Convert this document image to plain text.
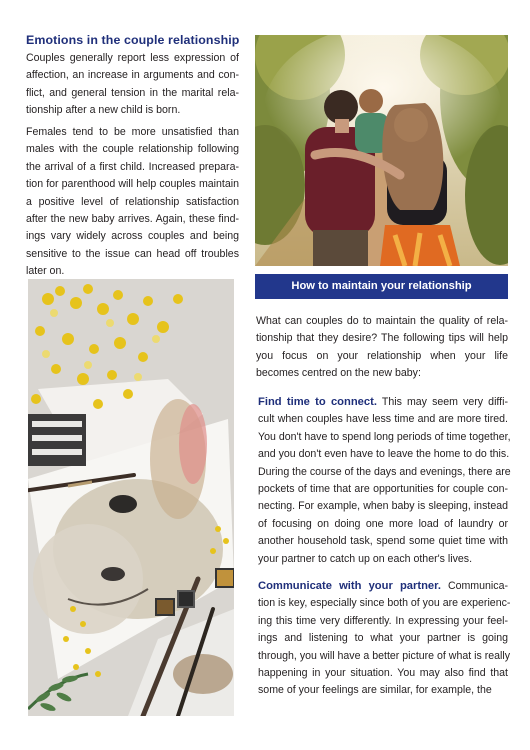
Emotions in the couple relationship
Couples generally report less expression of
affection, an increase in arguments and con-
flict, and general tension in the marital rela-
tionship after a new child is born.
Females tend to be more unsatisfied than
males with the couple relationship following
the arrival of a first child. Increased prepara-
tion for parenthood will help couples maintain
a positive level of relationship satisfaction
after the new baby arrives. Again, these find-
ings vary widely across couples and being
sensitive to the issue can head off troubles
later on.
How to maintain your relationship
What can couples do to maintain the quality of rela-
tionship that they desire? The following tips will help
you focus on your relationship when your life
becomes centred on the new baby:
Find time to connect. This may seem very diffi-
cult when couples have less time and are more tired.
You don't have to spend long periods of time together,
and you don't even have to leave the home to do this.
During the course of the days and evenings, there are
pockets of time that are opportunities for couple con-
necting. For example, when baby is sleeping, instead
of focusing on doing one more load of laundry or
another household task, spend some quiet time with
your partner to catch up on each other's lives.
Communicate with your partner. Communica-
tion is key, especially since both of you are experienc-
ing this time very differently. In expressing your feel-
ings and listening to what your partner is going
through, you will have a better picture of what is really
happening in your situation. You may also find that
some of your feelings are similar, for example, the
